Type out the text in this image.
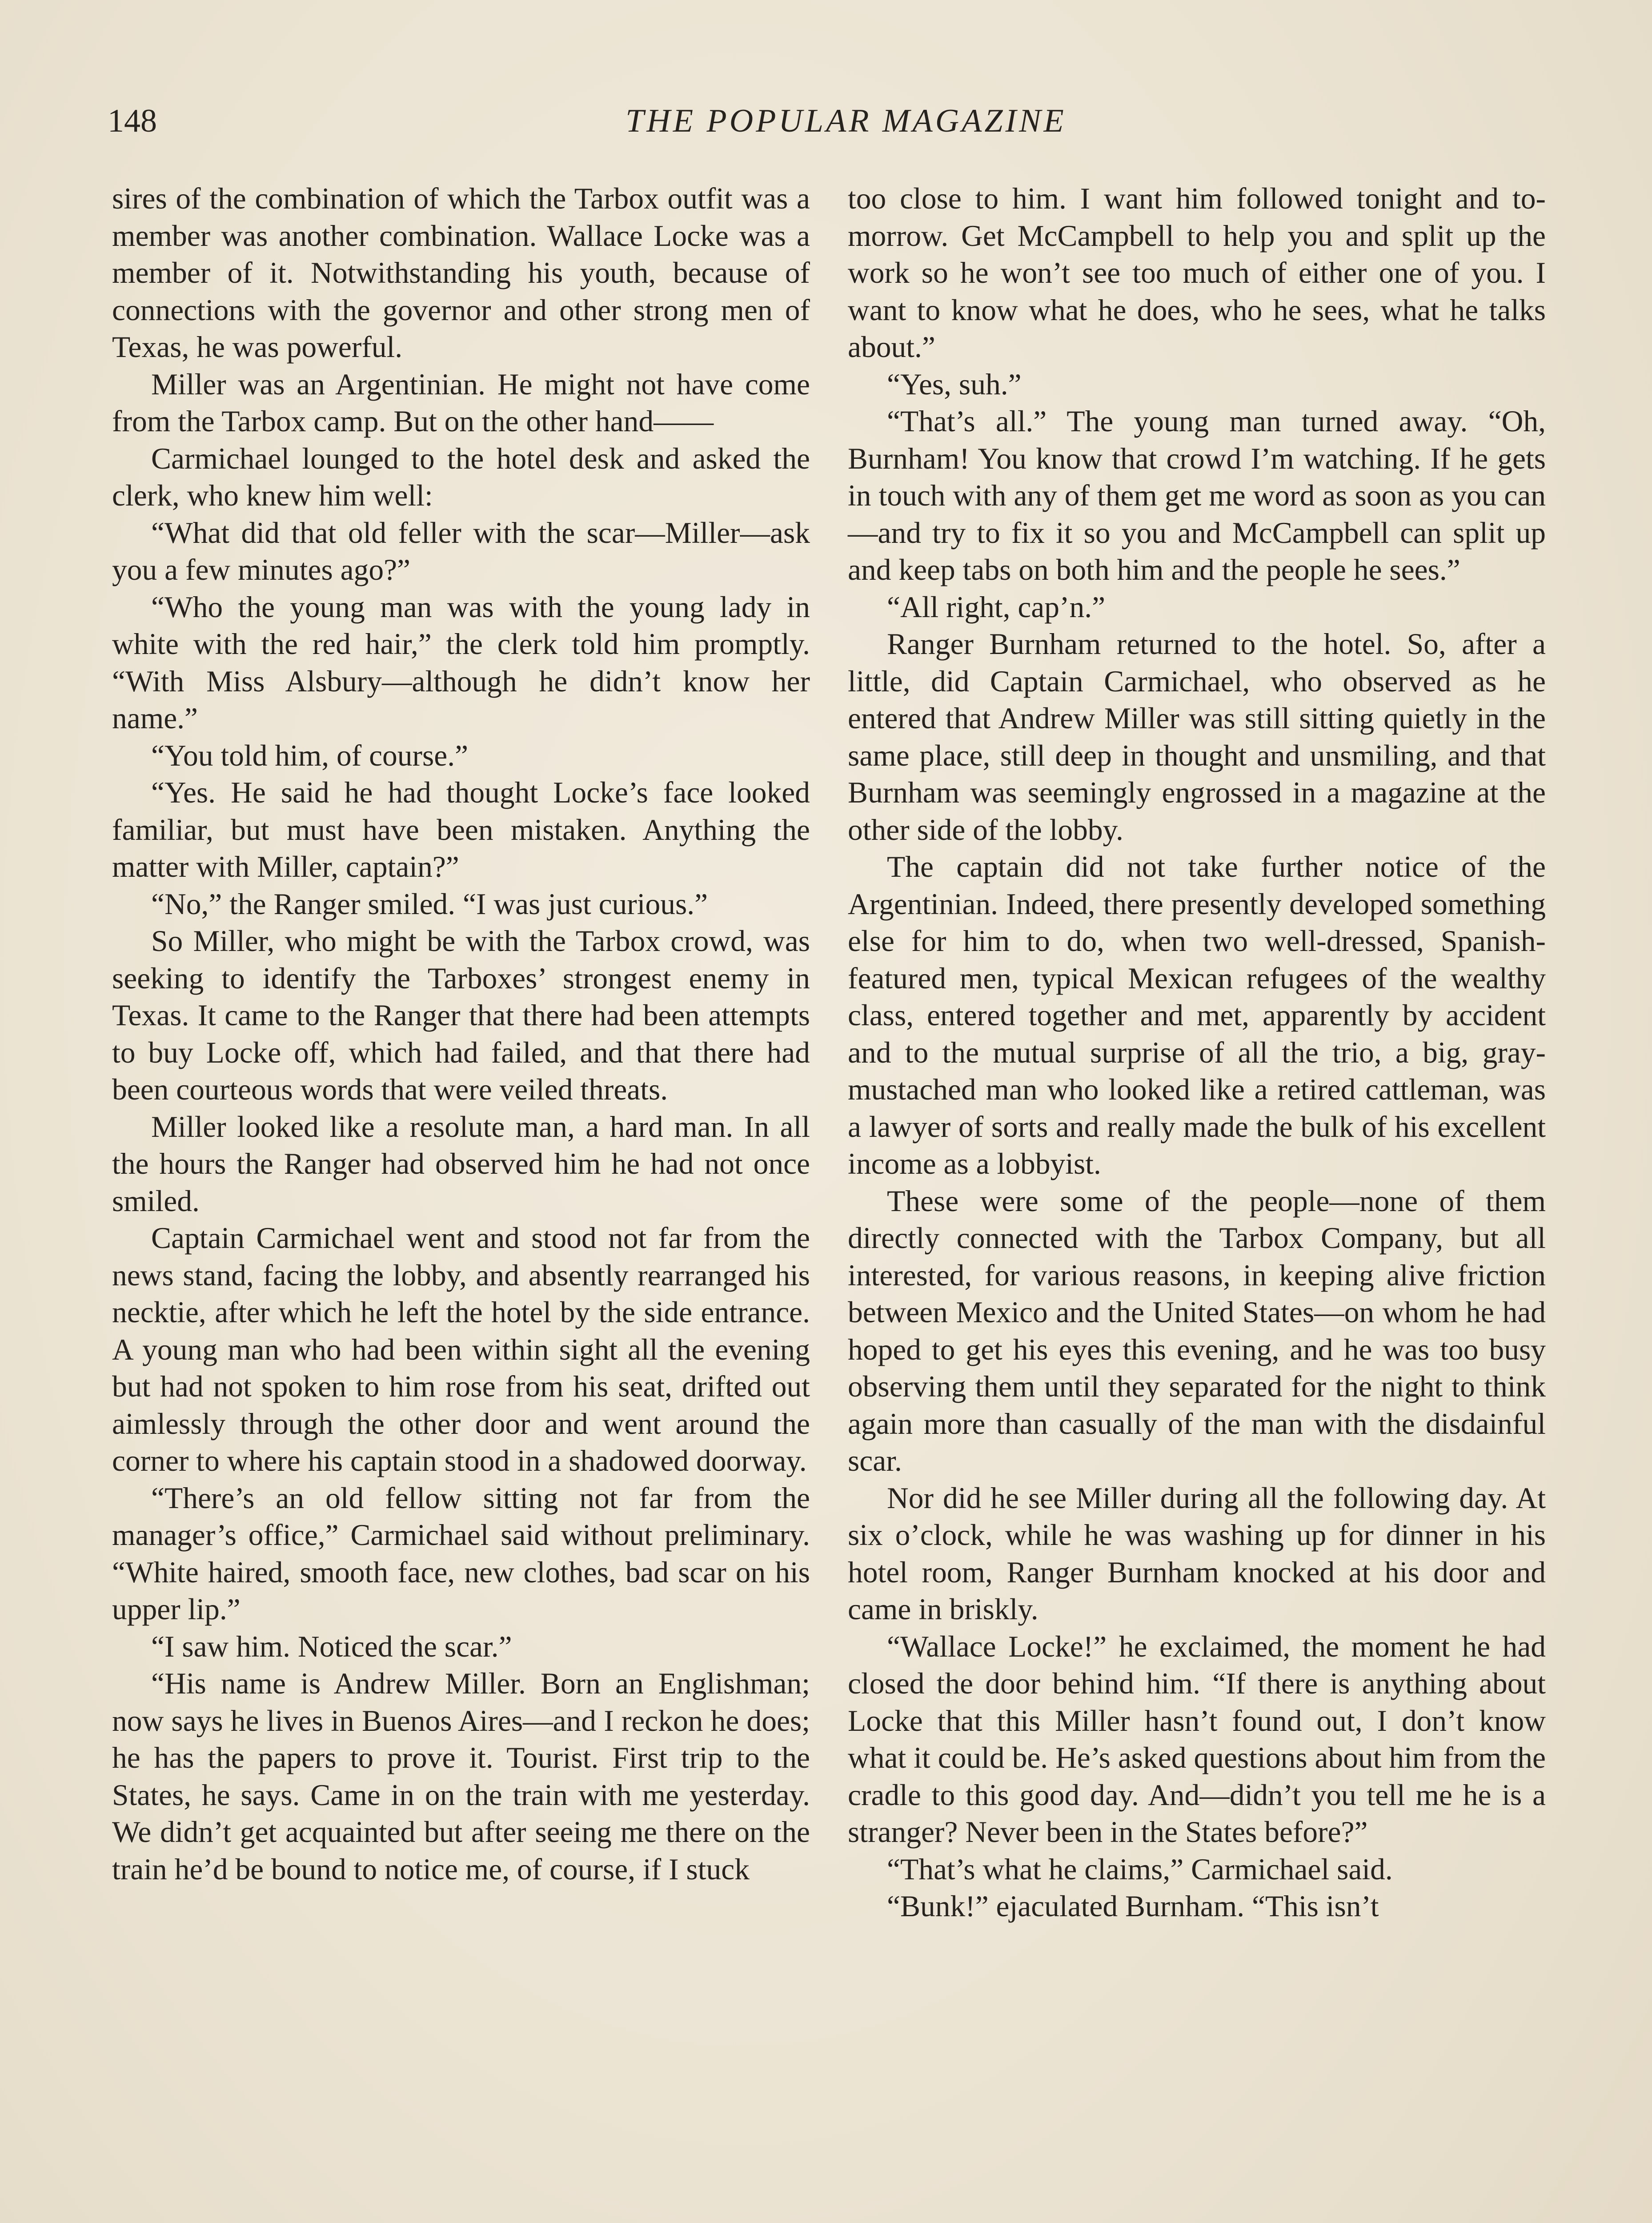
148	THE POPULAR MAGAZINE

sires of the combination of which the Tarbox outfit was a member was another combination. Wallace Locke was a member of it. Notwithstanding his youth, because of connections with the governor and other strong men of Texas, he was powerful.

Miller was an Argentinian. He might not have come from the Tarbox camp. But on the other hand——

Carmichael lounged to the hotel desk and asked the clerk, who knew him well:

“What did that old feller with the scar—Miller—ask you a few minutes ago?”

“Who the young man was with the young lady in white with the red hair,” the clerk told him promptly. “With Miss Alsbury—although he didn’t know her name.”

“You told him, of course.”

“Yes. He said he had thought Locke’s face looked familiar, but must have been mistaken. Anything the matter with Miller, captain?”

“No,” the Ranger smiled. “I was just curious.”

So Miller, who might be with the Tarbox crowd, was seeking to identify the Tarboxes’ strongest enemy in Texas. It came to the Ranger that there had been attempts to buy Locke off, which had failed, and that there had been courteous words that were veiled threats.

Miller looked like a resolute man, a hard man. In all the hours the Ranger had observed him he had not once smiled.

Captain Carmichael went and stood not far from the news stand, facing the lobby, and absently rearranged his necktie, after which he left the hotel by the side entrance. A young man who had been within sight all the evening but had not spoken to him rose from his seat, drifted out aimlessly through the other door and went around the corner to where his captain stood in a shadowed doorway.

“There’s an old fellow sitting not far from the manager’s office,” Carmichael said without preliminary. “White haired, smooth face, new clothes, bad scar on his upper lip.”

“I saw him. Noticed the scar.”

“His name is Andrew Miller. Born an Englishman; now says he lives in Buenos Aires—and I reckon he does; he has the papers to prove it. Tourist. First trip to the States, he says. Came in on the train with me yesterday. We didn’t get acquainted but after seeing me there on the train he’d be bound to notice me, of course, if I stuck

too close to him. I want him followed tonight and to-morrow. Get McCampbell to help you and split up the work so he won’t see too much of either one of you. I want to know what he does, who he sees, what he talks about.”

“Yes, suh.”

“That’s all.” The young man turned away. “Oh, Burnham! You know that crowd I’m watching. If he gets in touch with any of them get me word as soon as you can—and try to fix it so you and McCampbell can split up and keep tabs on both him and the people he sees.”

“All right, cap’n.”

Ranger Burnham returned to the hotel. So, after a little, did Captain Carmichael, who observed as he entered that Andrew Miller was still sitting quietly in the same place, still deep in thought and unsmiling, and that Burnham was seemingly engrossed in a magazine at the other side of the lobby.

The captain did not take further notice of the Argentinian. Indeed, there presently developed something else for him to do, when two well-dressed, Spanish-featured men, typical Mexican refugees of the wealthy class, entered together and met, apparently by accident and to the mutual surprise of all the trio, a big, gray-mustached man who looked like a retired cattleman, was a lawyer of sorts and really made the bulk of his excellent income as a lobbyist.

These were some of the people—none of them directly connected with the Tarbox Company, but all interested, for various reasons, in keeping alive friction between Mexico and the United States—on whom he had hoped to get his eyes this evening, and he was too busy observing them until they separated for the night to think again more than casually of the man with the disdainful scar.

Nor did he see Miller during all the following day. At six o’clock, while he was washing up for dinner in his hotel room, Ranger Burnham knocked at his door and came in briskly.

“Wallace Locke!” he exclaimed, the moment he had closed the door behind him. “If there is anything about Locke that this Miller hasn’t found out, I don’t know what it could be. He’s asked questions about him from the cradle to this good day. And—didn’t you tell me he is a stranger? Never been in the States before?”

“That’s what he claims,” Carmichael said.

“Bunk!” ejaculated Burnham. “This isn’t
